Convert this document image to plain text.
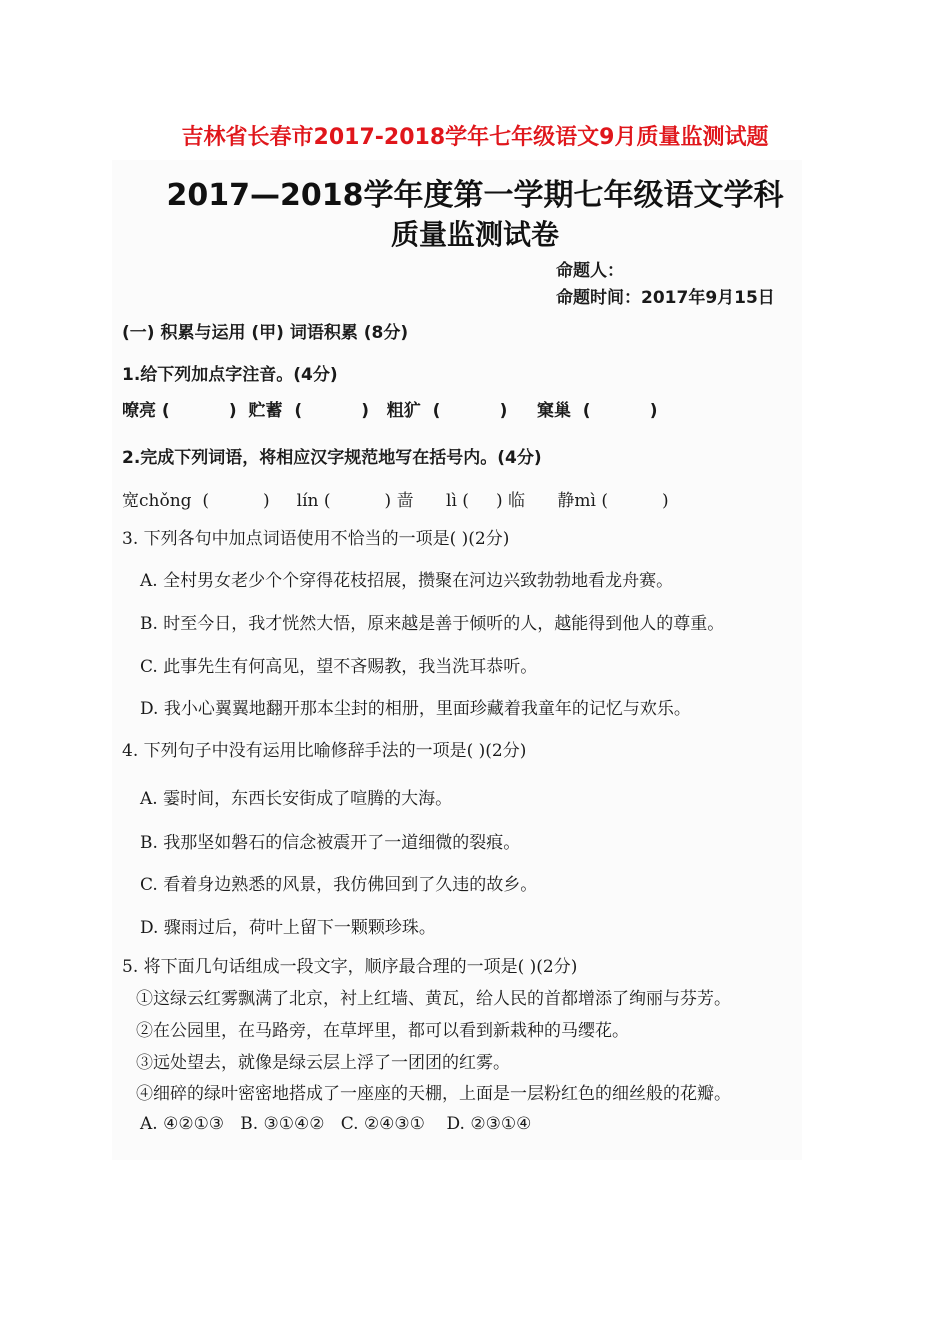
吉林省长春市2017-2018学年七年级语文9月质量监测试题
2017—2018学年度第一学期七年级语文学科
质量监测试卷
命题人：
命题时间：2017年9月15日
(一) 积累与运用 (甲) 词语积累 (8分)
1.给下列加点字注音。(4分)
嘹亮 (          )  贮蓄  (          )   粗犷  (          )     窠巢  (          )
2.完成下列词语，将相应汉字规范地写在括号内。(4分)
宽chǒng  (          )     lín (          ) 啬      lì (     ) 临      静mì (          )
3. 下列各句中加点词语使用不恰当的一项是( )(2分)
A. 全村男女老少个个穿得花枝招展，攒聚在河边兴致勃勃地看龙舟赛。
B. 时至今日，我才恍然大悟，原来越是善于倾听的人，越能得到他人的尊重。
C. 此事先生有何高见，望不吝赐教，我当洗耳恭听。
D. 我小心翼翼地翻开那本尘封的相册，里面珍藏着我童年的记忆与欢乐。
4. 下列句子中没有运用比喻修辞手法的一项是( )(2分)
A. 霎时间，东西长安街成了喧腾的大海。
B. 我那坚如磐石的信念被震开了一道细微的裂痕。
C. 看着身边熟悉的风景，我仿佛回到了久违的故乡。
D. 骤雨过后，荷叶上留下一颗颗珍珠。
5. 将下面几句话组成一段文字，顺序最合理的一项是( )(2分)
①这绿云红雾飘满了北京，衬上红墙、黄瓦，给人民的首都增添了绚丽与芬芳。
②在公园里，在马路旁，在草坪里，都可以看到新栽种的马缨花。
③远处望去，就像是绿云层上浮了一团团的红雾。
④细碎的绿叶密密地搭成了一座座的天棚，上面是一层粉红色的细丝般的花瓣。
A. ④②①③   B. ③①④②   C. ②④③①    D. ②③①④
